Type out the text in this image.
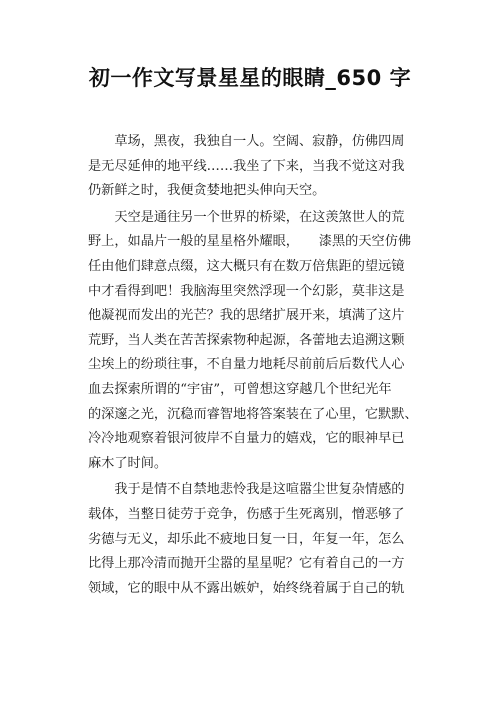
初一作文写景星星的眼睛_650 字

　　草场，黑夜，我独自一人。空阔、寂静，仿佛四周
是无尽延伸的地平线……我坐了下来，当我不觉这对我
仍新鲜之时，我便贪婪地把头伸向天空。

　　天空是通往另一个世界的桥梁，在这羡煞世人的荒
野上，如晶片一般的星星格外耀眼，　　漆黑的天空仿佛
任由他们肆意点缀，这大概只有在数万倍焦距的望远镜
中才看得到吧！我脑海里突然浮现一个幻影，莫非这是
他凝视而发出的光芒？我的思绪扩展开来，填满了这片
荒野，当人类在苦苦探索物种起源，各蕾地去追溯这颗
尘埃上的纷琐往事，不自量力地耗尽前前后后数代人心
血去探索所谓的“宇宙”，可曾想这穿越几个世纪光年
的深邃之光，沉稳而睿智地将答案装在了心里，它默默、
冷冷地观察着银河彼岸不自量力的嬉戏，它的眼神早已
麻木了时间。

　　我于是情不自禁地悲怜我是这喧嚣尘世复杂情感的
载体，当整日徒劳于竞争，伤感于生死离别，憎恶够了
劣德与无义，却乐此不疲地日复一日，年复一年，怎么
比得上那冷清而抛开尘嚣的星星呢？它有着自己的一方
领域，它的眼中从不露出嫉妒，始终绕着属于自己的轨
